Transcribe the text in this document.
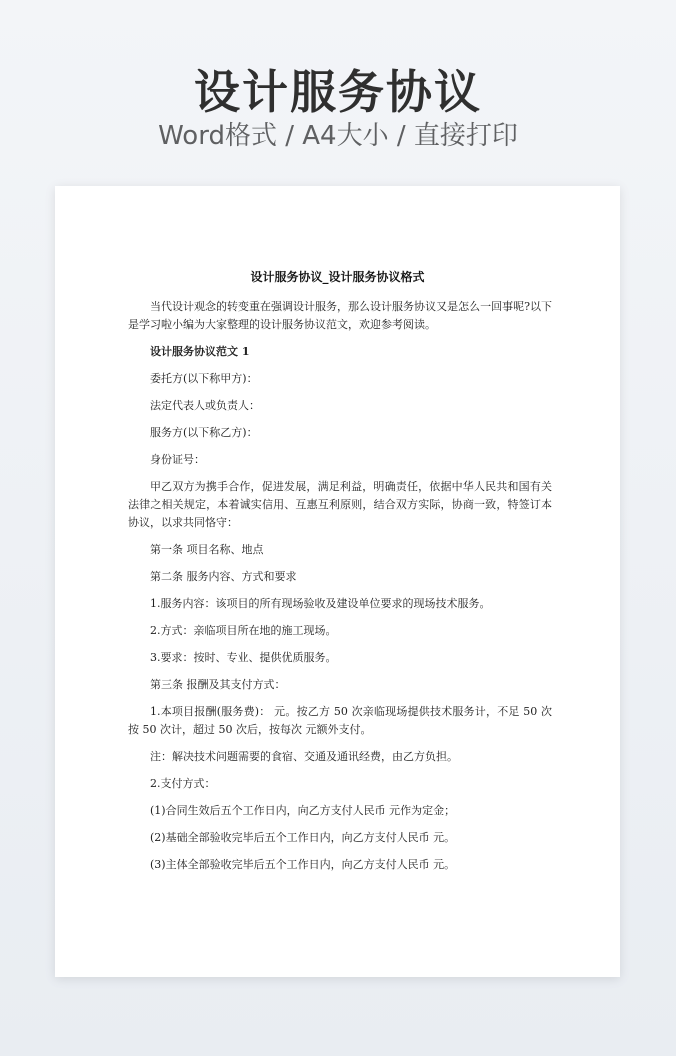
设计服务协议
Word格式 / A4大小 / 直接打印
设计服务协议_设计服务协议格式

当代设计观念的转变重在强调设计服务，那么设计服务协议又是怎么一回事呢?以下是学习啦小编为大家整理的设计服务协议范文，欢迎参考阅读。

设计服务协议范文 1

委托方(以下称甲方)：

法定代表人或负责人：

服务方(以下称乙方)：

身份证号：

甲乙双方为携手合作，促进发展，满足利益，明确责任，依据中华人民共和国有关法律之相关规定，本着诚实信用、互惠互利原则，结合双方实际，协商一致，特签订本协议，以求共同恪守：

第一条 项目名称、地点

第二条 服务内容、方式和要求

1.服务内容：该项目的所有现场验收及建设单位要求的现场技术服务。

2.方式：亲临项目所在地的施工现场。

3.要求：按时、专业、提供优质服务。

第三条 报酬及其支付方式：

1.本项目报酬(服务费)： 元。按乙方 50 次亲临现场提供技术服务计，不足 50 次按 50 次计，超过 50 次后，按每次 元额外支付。

注：解决技术问题需要的食宿、交通及通讯经费，由乙方负担。

2.支付方式：

(1)合同生效后五个工作日内，向乙方支付人民币 元作为定金；

(2)基础全部验收完毕后五个工作日内，向乙方支付人民币 元。

(3)主体全部验收完毕后五个工作日内，向乙方支付人民币 元。
